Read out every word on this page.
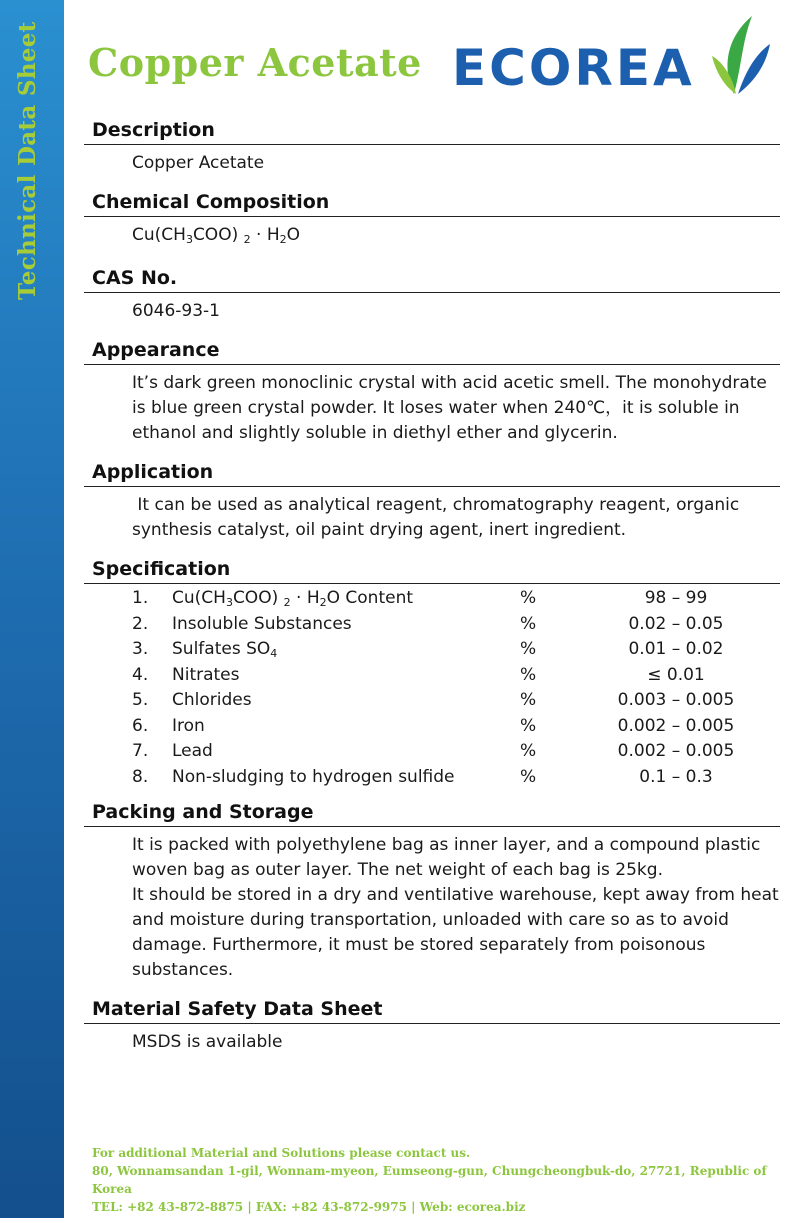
Technical Data Sheet Copper Acetate ECOREA
Description
Copper Acetate
Chemical Composition
$Cu(CH_3COO) _2 \cdot H_2O$
CAS No.
6046-93-1
Appearance
It’s dark green monoclinic crystal with acid acetic smell. The monohydrate
is blue green crystal powder. It loses water when 240℃，it is soluble in
ethanol and slightly soluble in diethyl ether and glycerin.
Application
It can be used as analytical reagent, chromatography reagent, organic
synthesis catalyst, oil paint drying agent, inert ingredient.
Specification
1.	$Cu(CH_3COO) _2 \cdot H_2O$ Content	%	98 – 99
2.	Insoluble Substances	%	0.02 – 0.05
3.	Sulfates $SO_4$	%	0.01 – 0.02
4.	Nitrates	%	≤ 0.01
5.	Chlorides	%	0.003 – 0.005
6.	Iron	%	0.002 – 0.005
7.	Lead	%	0.002 – 0.005
8.	Non-sludging to hydrogen sulfide	%	0.1 – 0.3
Packing and Storage
It is packed with polyethylene bag as inner layer, and a compound plastic
woven bag as outer layer. The net weight of each bag is 25kg.
It should be stored in a dry and ventilative warehouse, kept away from heat
and moisture during transportation, unloaded with care so as to avoid
damage. Furthermore, it must be stored separately from poisonous
substances.
Material Safety Data Sheet
MSDS is available
For additional Material and Solutions please contact us.
80, Wonnamsandan 1-gil, Wonnam-myeon, Eumseong-gun, Chungcheongbuk-do, 27721, Republic of Korea
TEL: +82 43-872-8875 | FAX: +82 43-872-9975 | Web: ecorea.biz
